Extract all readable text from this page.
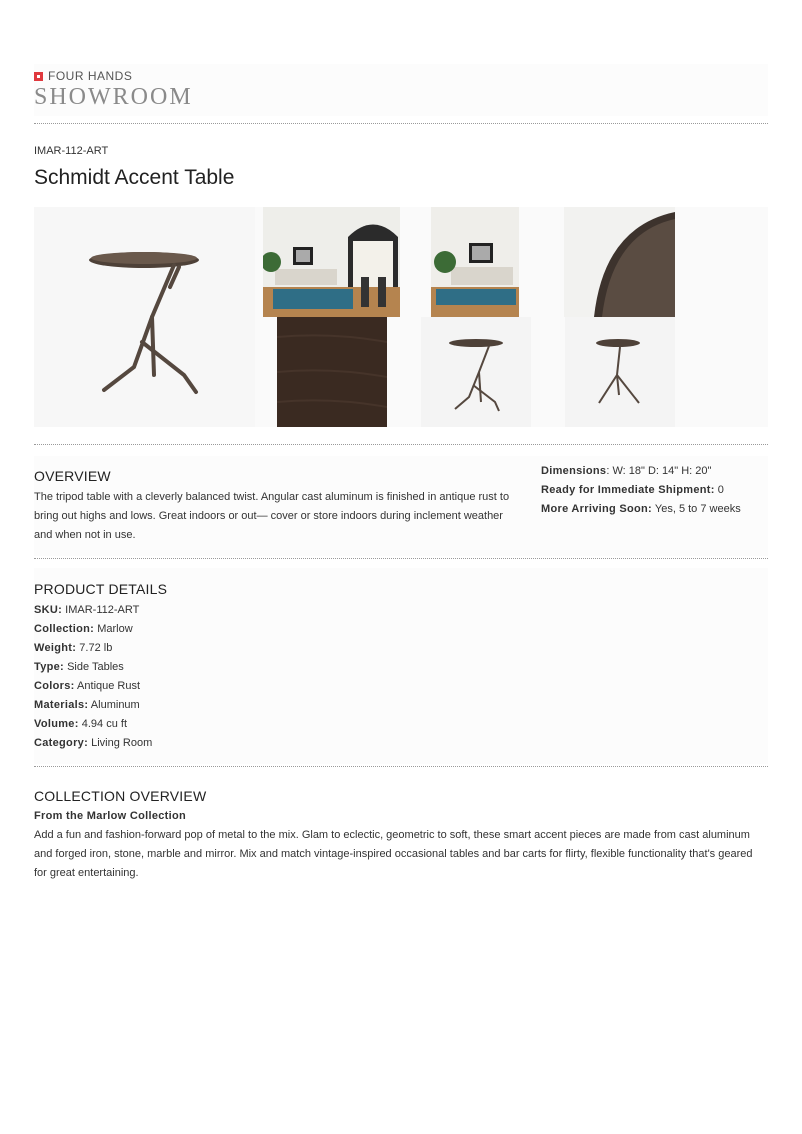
FOUR HANDS
SHOWROOM
IMAR-112-ART
Schmidt Accent Table
OVERVIEW
The tripod table with a cleverly balanced twist. Angular cast aluminum is finished in antique rust to bring out highs and lows. Great indoors or out— cover or store indoors during inclement weather and when not in use.
Dimensions: W: 18" D: 14" H: 20"
Ready for Immediate Shipment: 0
More Arriving Soon: Yes, 5 to 7 weeks
PRODUCT DETAILS
SKU: IMAR-112-ART
Collection: Marlow
Weight: 7.72 lb
Type: Side Tables
Colors: Antique Rust
Materials: Aluminum
Volume: 4.94 cu ft
Category: Living Room
COLLECTION OVERVIEW
From the Marlow Collection
Add a fun and fashion-forward pop of metal to the mix. Glam to eclectic, geometric to soft, these smart accent pieces are made from cast aluminum and forged iron, stone, marble and mirror. Mix and match vintage-inspired occasional tables and bar carts for flirty, flexible functionality that's geared for great entertaining.
